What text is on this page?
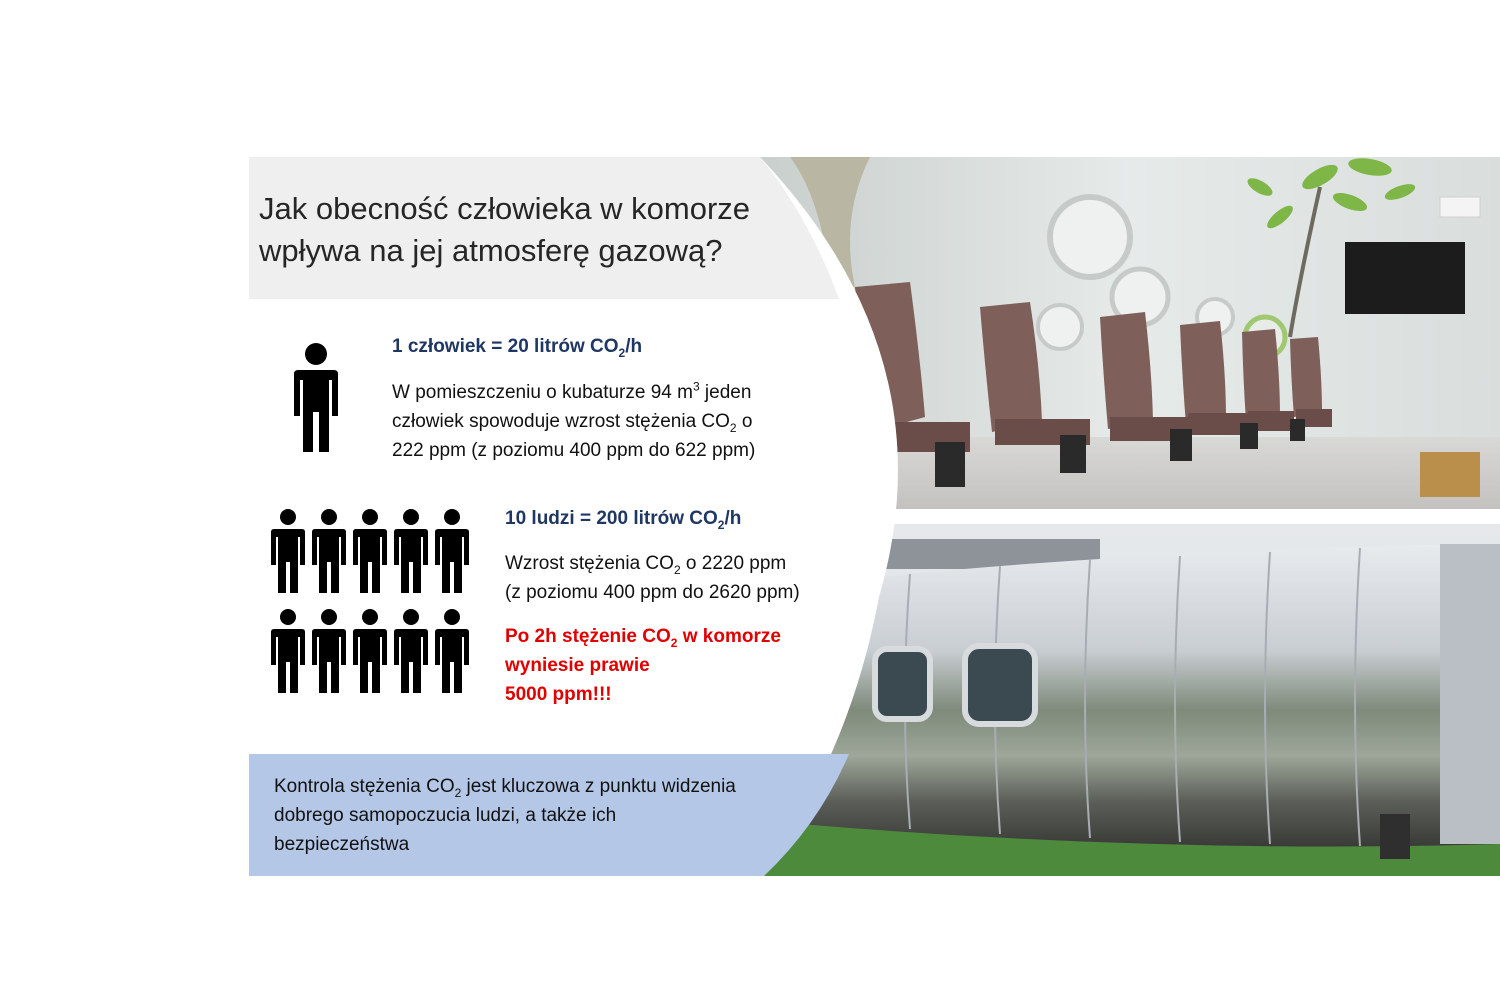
Jak obecność człowieka w komorze
wpływa na jej atmosferę gazową?
1 człowiek = 20 litrów $CO_2/h$
W pomieszczeniu o kubaturze 94 $m^3$ jeden
człowiek spowoduje wzrost stężenia $CO_2$ o
222 ppm (z poziomu 400 ppm do 622 ppm)
10 ludzi = 200 litrów $CO_2/h$
Wzrost stężenia $CO_2$ o 2220 ppm
(z poziomu 400 ppm do 2620 ppm)
Po 2h stężenie $CO_2$ w komorze
wyniesie prawie
5000 ppm!!!
Kontrola stężenia $CO_2$ jest kluczowa z punktu widzenia
dobrego samopoczucia ludzi, a także ich
bezpieczeństwa
